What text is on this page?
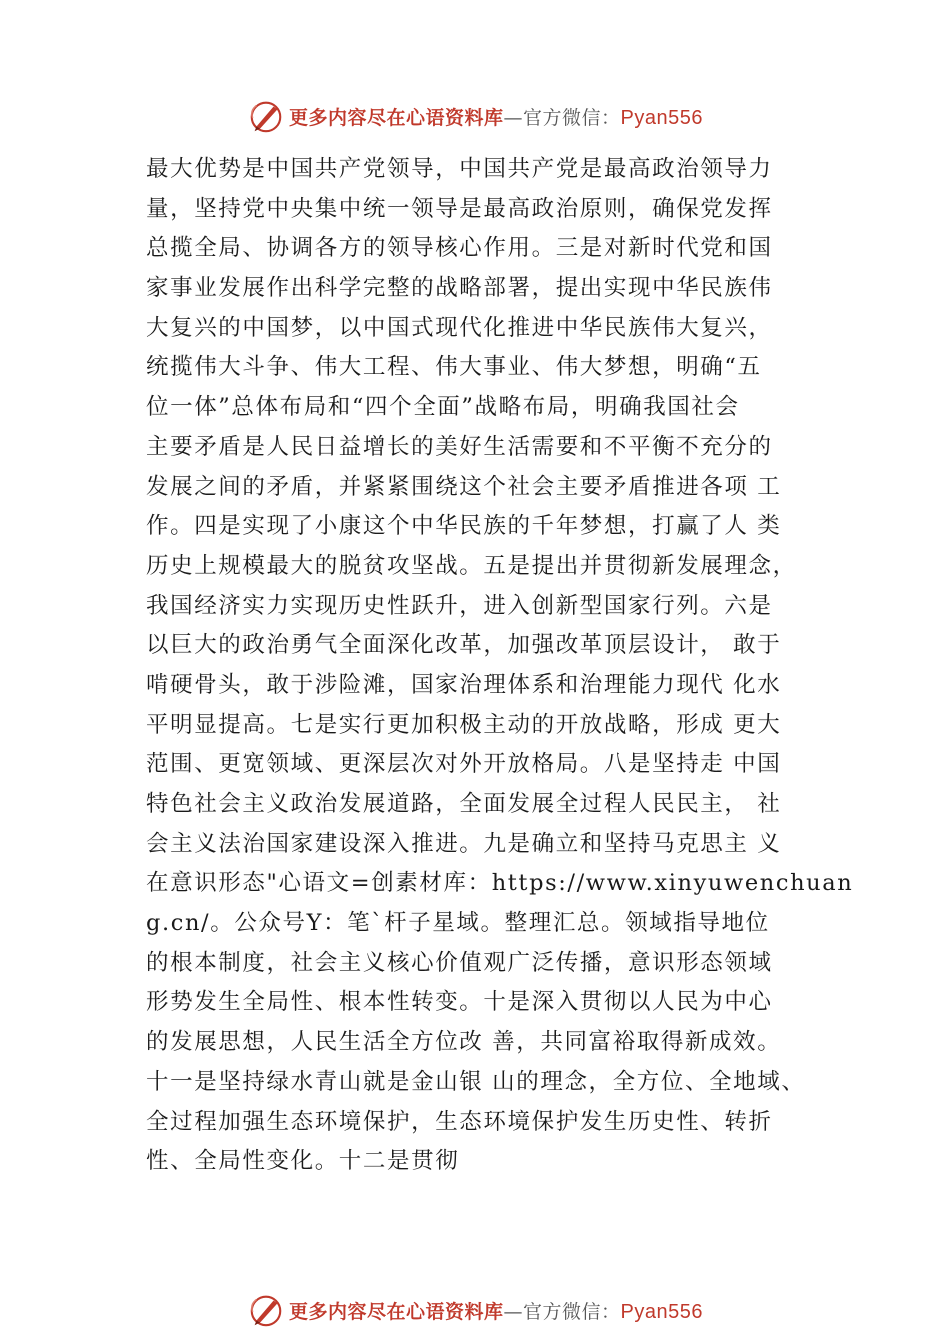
更多内容尽在心语资料库—官方微信：Pyan556
最大优势是中国共产党领导，中国共产党是最高政治领导力
量，坚持党中央集中统一领导是最高政治原则，确保党发挥
总揽全局、协调各方的领导核心作用。三是对新时代党和国
家事业发展作出科学完整的战略部署，提出实现中华民族伟
大复兴的中国梦，以中国式现代化推进中华民族伟大复兴，
统揽伟大斗争、伟大工程、伟大事业、伟大梦想，明确“五
位一体”总体布局和“四个全面”战略布局，明确我国社会
主要矛盾是人民日益增长的美好生活需要和不平衡不充分的
发展之间的矛盾，并紧紧围绕这个社会主要矛盾推进各项 工
作。四是实现了小康这个中华民族的千年梦想，打赢了人 类
历史上规模最大的脱贫攻坚战。五是提出并贯彻新发展理念，
我国经济实力实现历史性跃升，进入创新型国家行列。六是
以巨大的政治勇气全面深化改革，加强改革顶层设计， 敢于
啃硬骨头，敢于涉险滩，国家治理体系和治理能力现代 化水
平明显提高。七是实行更加积极主动的开放战略，形成 更大
范围、更宽领域、更深层次对外开放格局。八是坚持走 中国
特色社会主义政治发展道路，全面发展全过程人民民主， 社
会主义法治国家建设深入推进。九是确立和坚持马克思主 义
在意识形态"心语文=创素材库：https://www.xinyuwenchuan
g.cn/。公众号Y：笔`杆子星域。整理汇总。领域指导地位
的根本制度，社会主义核心价值观广泛传播，意识形态领域
形势发生全局性、根本性转变。十是深入贯彻以人民为中心
的发展思想，人民生活全方位改 善，共同富裕取得新成效。
十一是坚持绿水青山就是金山银 山的理念，全方位、全地域、
全过程加强生态环境保护，生态环境保护发生历史性、转折
性、全局性变化。十二是贯彻
更多内容尽在心语资料库—官方微信：Pyan556
